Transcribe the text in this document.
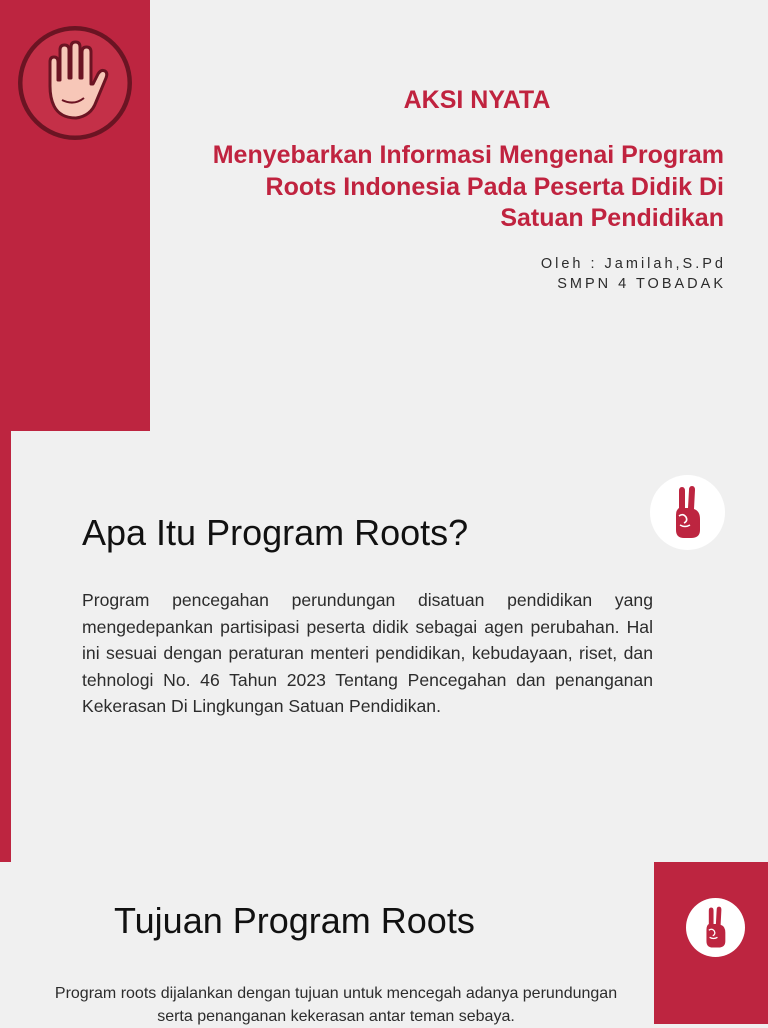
AKSI NYATA
Menyebarkan Informasi Mengenai Program Roots Indonesia Pada Peserta Didik Di Satuan Pendidikan

Oleh : Jamilah,S.Pd

SMPN 4 TOBADAK

Apa Itu Program Roots?

Program pencegahan perundungan disatuan pendidikan yang mengedepankan partisipasi peserta didik sebagai agen perubahan. Hal ini sesuai dengan peraturan menteri pendidikan, kebudayaan, riset, dan tehnologi No. 46 Tahun 2023 Tentang Pencegahan dan penanganan Kekerasan Di Lingkungan Satuan Pendidikan.

Tujuan Program Roots

Program roots dijalankan dengan tujuan untuk mencegah adanya perundungan serta penanganan kekerasan antar teman sebaya.
